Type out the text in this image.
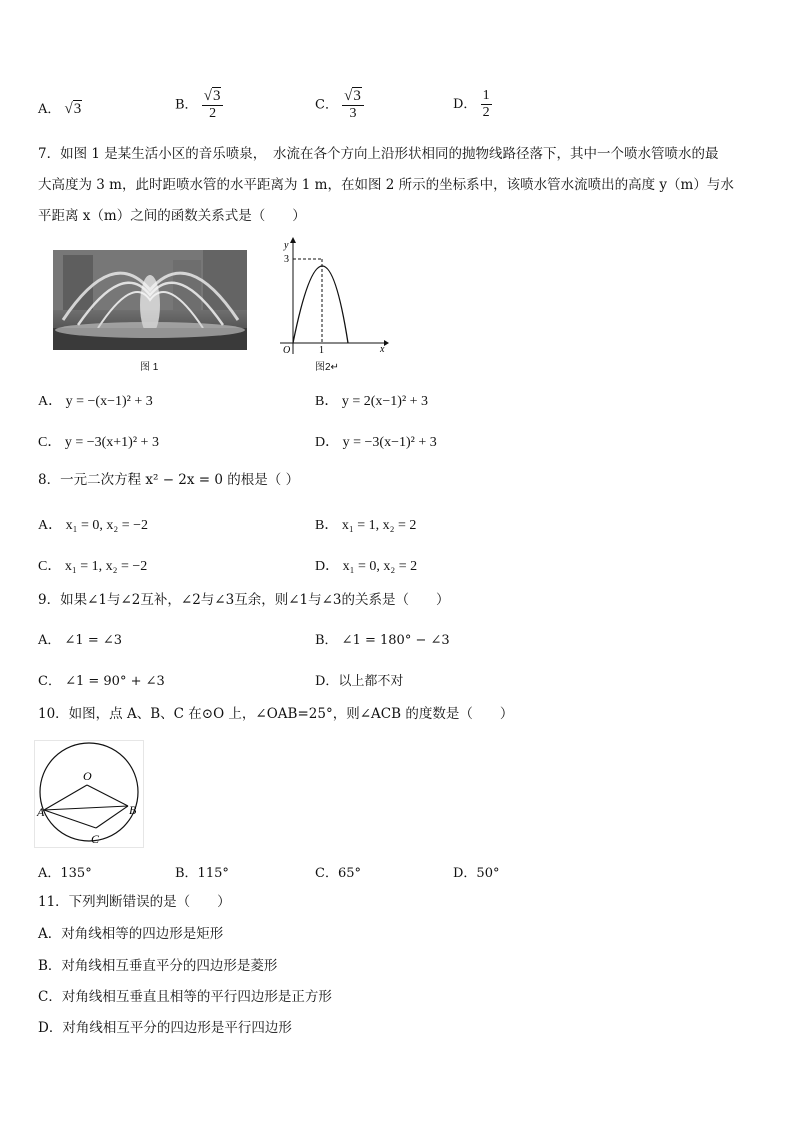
A． √3	B． $\frac{√3}{2}$	C． $\frac{√3}{3}$	D． $\frac{1}{2}$
7．如图 1 是某生活小区的音乐喷泉，　水流在各个方向上沿形状相同的抛物线路径落下，其中一个喷水管喷水的最
大高度为 3 m，此时距喷水管的水平距离为 1 m，在如图 2 所示的坐标系中，该喷水管水流喷出的高度 y（m）与水
平距离 x（m）之间的函数关系式是（　　）
图 1
y
x
O
3
1
图2↵
A． y = −(x−1)² + 3	B． y = 2(x−1)² + 3
C． y = −3(x+1)² + 3	D． y = −3(x−1)² + 3
8．一元二次方程 x² − 2x = 0 的根是（ ）
A． x₁ = 0, x₂ = −2	B． x₁ = 1, x₂ = 2
C． x₁ = 1, x₂ = −2	D． x₁ = 0, x₂ = 2
9．如果∠1与∠2互补，∠2与∠3互余，则∠1与∠3的关系是（　　）
A． ∠1 = ∠3	B． ∠1 = 180° − ∠3
C． ∠1 = 90° + ∠3	D．以上都不对
10．如图，点 A、B、C 在⊙O 上，∠OAB=25°，则∠ACB 的度数是（　　）
O
A	B
C
A．135°	B．115°	C．65°	D．50°
11．下列判断错误的是（　　）
A．对角线相等的四边形是矩形
B．对角线相互垂直平分的四边形是菱形
C．对角线相互垂直且相等的平行四边形是正方形
D．对角线相互平分的四边形是平行四边形
